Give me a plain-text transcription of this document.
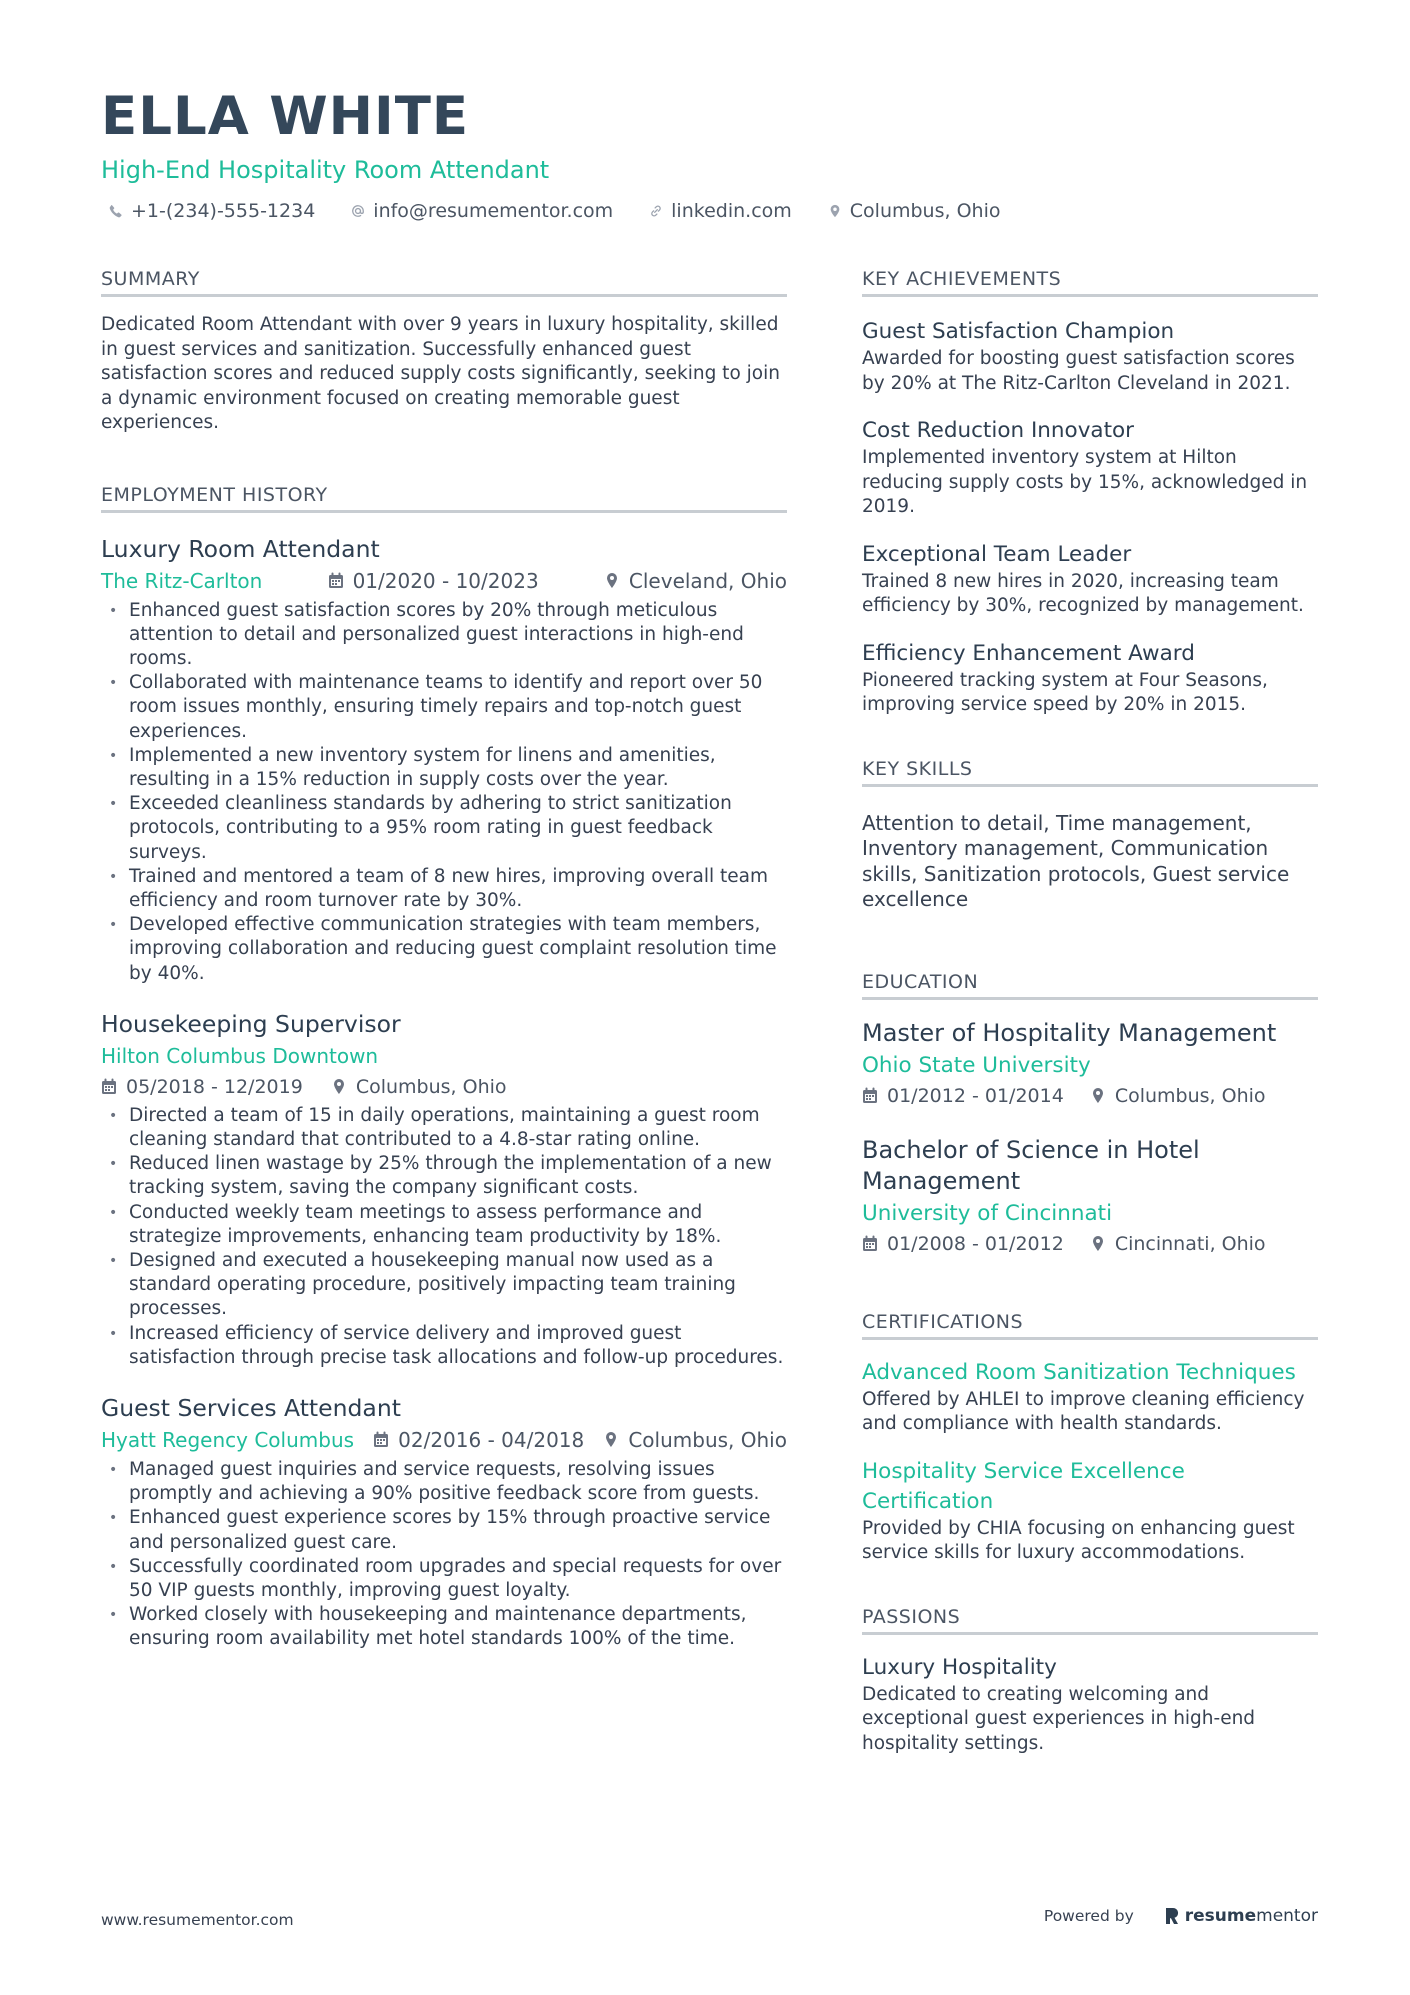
ELLA WHITE
High-End Hospitality Room Attendant
+1-(234)-555-1234	info@resumementor.com	linkedin.com	Columbus, Ohio
SUMMARY
Dedicated Room Attendant with over 9 years in luxury hospitality, skilled in guest services and sanitization. Successfully enhanced guest satisfaction scores and reduced supply costs significantly, seeking to join a dynamic environment focused on creating memorable guest experiences.
EMPLOYMENT HISTORY
Luxury Room Attendant
The Ritz-Carlton	01/2020 - 10/2023	Cleveland, Ohio
• Enhanced guest satisfaction scores by 20% through meticulous attention to detail and personalized guest interactions in high-end rooms.
• Collaborated with maintenance teams to identify and report over 50 room issues monthly, ensuring timely repairs and top-notch guest experiences.
• Implemented a new inventory system for linens and amenities, resulting in a 15% reduction in supply costs over the year.
• Exceeded cleanliness standards by adhering to strict sanitization protocols, contributing to a 95% room rating in guest feedback surveys.
• Trained and mentored a team of 8 new hires, improving overall team efficiency and room turnover rate by 30%.
• Developed effective communication strategies with team members, improving collaboration and reducing guest complaint resolution time by 40%.
Housekeeping Supervisor
Hilton Columbus Downtown
05/2018 - 12/2019	Columbus, Ohio
• Directed a team of 15 in daily operations, maintaining a guest room cleaning standard that contributed to a 4.8-star rating online.
• Reduced linen wastage by 25% through the implementation of a new tracking system, saving the company significant costs.
• Conducted weekly team meetings to assess performance and strategize improvements, enhancing team productivity by 18%.
• Designed and executed a housekeeping manual now used as a standard operating procedure, positively impacting team training processes.
• Increased efficiency of service delivery and improved guest satisfaction through precise task allocations and follow-up procedures.
Guest Services Attendant
Hyatt Regency Columbus 02/2016 - 04/2018 Columbus, Ohio
• Managed guest inquiries and service requests, resolving issues promptly and achieving a 90% positive feedback score from guests.
• Enhanced guest experience scores by 15% through proactive service and personalized guest care.
• Successfully coordinated room upgrades and special requests for over 50 VIP guests monthly, improving guest loyalty.
• Worked closely with housekeeping and maintenance departments, ensuring room availability met hotel standards 100% of the time.
KEY ACHIEVEMENTS
Guest Satisfaction Champion
Awarded for boosting guest satisfaction scores by 20% at The Ritz-Carlton Cleveland in 2021.
Cost Reduction Innovator
Implemented inventory system at Hilton reducing supply costs by 15%, acknowledged in 2019.
Exceptional Team Leader
Trained 8 new hires in 2020, increasing team efficiency by 30%, recognized by management.
Efficiency Enhancement Award
Pioneered tracking system at Four Seasons, improving service speed by 20% in 2015.
KEY SKILLS
Attention to detail, Time management, Inventory management, Communication skills, Sanitization protocols, Guest service excellence
EDUCATION
Master of Hospitality Management
Ohio State University
01/2012 - 01/2014	Columbus, Ohio
Bachelor of Science in Hotel Management
University of Cincinnati
01/2008 - 01/2012	Cincinnati, Ohio
CERTIFICATIONS
Advanced Room Sanitization Techniques
Offered by AHLEI to improve cleaning efficiency and compliance with health standards.
Hospitality Service Excellence Certification
Provided by CHIA focusing on enhancing guest service skills for luxury accommodations.
PASSIONS
Luxury Hospitality
Dedicated to creating welcoming and exceptional guest experiences in high-end hospitality settings.
www.resumementor.com	Powered by	resume mentor
